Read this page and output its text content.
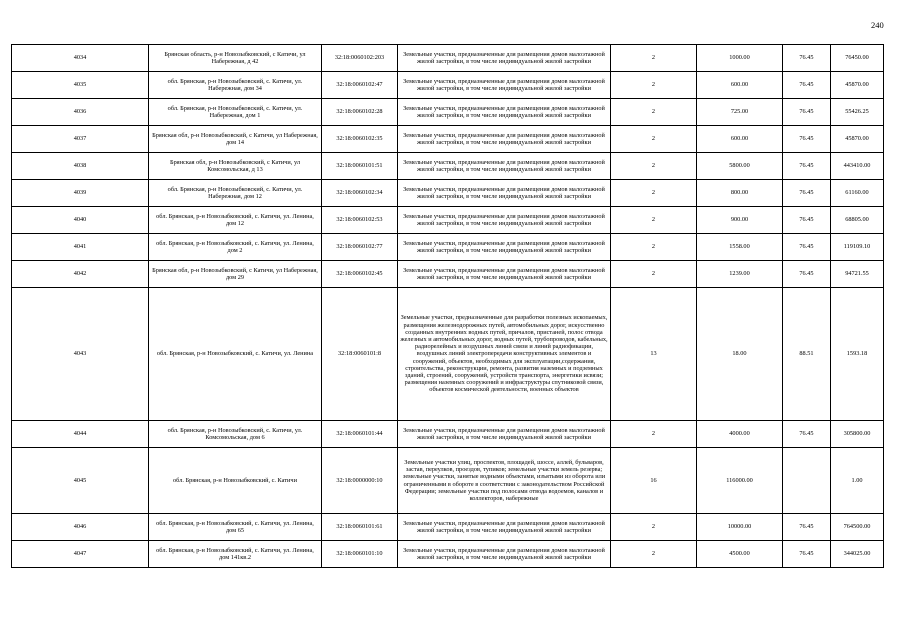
240
4034	Брянская область, р-н Новозыбковский, с Катичи, ул Набережная, д 42	32:18:0060102:203	Земельные участки, предназначенные для размещения домов малоэтажной жилой застройки, в том числе индивидуальной жилой застройки	2	1000.00	76.45	76450.00
4035	обл. Брянская, р-н Новозыбковский, с. Катичи, ул. Набережная, дом 34	32:18:0060102:47	Земельные участки, предназначенные для размещения домов малоэтажной жилой застройки, в том числе индивидуальной жилой застройки	2	600.00	76.45	45870.00
4036	обл. Брянская, р-н Новозыбковский, с. Катичи, ул. Набережная, дом 1	32:18:0060102:28	Земельные участки, предназначенные для размещения домов малоэтажной жилой застройки, в том числе индивидуальной жилой застройки	2	725.00	76.45	55426.25
4037	Брянская обл, р-н Новозыбковский, с Катичи, ул Набережная, дом 14	32:18:0060102:35	Земельные участки, предназначенные для размещения домов малоэтажной жилой застройки, в том числе индивидуальной жилой застройки	2	600.00	76.45	45870.00
4038	Брянская обл, р-н Новозыбковский, с Катичи, ул Комсомольская, д 13	32:18:0060101:51	Земельные участки, предназначенные для размещения домов малоэтажной жилой застройки, в том числе индивидуальной жилой застройки	2	5800.00	76.45	443410.00
4039	обл. Брянская, р-н Новозыбковский, с. Катичи, ул. Набережная, дом 12	32:18:0060102:34	Земельные участки, предназначенные для размещения домов малоэтажной жилой застройки, в том числе индивидуальной жилой застройки	2	800.00	76.45	61160.00
4040	обл. Брянская, р-н Новозыбковский, с. Катичи, ул. Ленина, дом 12	32:18:0060102:53	Земельные участки, предназначенные для размещения домов малоэтажной жилой застройки, в том числе индивидуальной жилой застройки	2	900.00	76.45	68805.00
4041	обл. Брянская, р-н Новозыбковский, с. Катичи, ул. Ленина, дом 2	32:18:0060102:77	Земельные участки, предназначенные для размещения домов малоэтажной жилой застройки, в том числе индивидуальной жилой застройки	2	1558.00	76.45	119109.10
4042	Брянская обл, р-н Новозыбковский, с Катичи, ул Набережная, дом 29	32:18:0060102:45	Земельные участки, предназначенные для размещения домов малоэтажной жилой застройки, в том числе индивидуальной жилой застройки	2	1239.00	76.45	94721.55
4043	обл. Брянская, р-н Новозыбковский, с. Катичи, ул. Ленина	32:18:0060101:8	Земельные участки, предназначенные для разработки полезных ископаемых, размещения железнодорожных путей, автомобильных дорог, искусственно созданных внутренних водных путей, причалов, пристаней, полос отвода железных и автомобильных дорог, водных путей, трубопроводов, кабельных, радиорелейных и воздушных линий связи и линий радиофикации, воздушных линий электропередачи конструктивных элементов и сооружений, объектов, необходимых для эксплуатации,содержания, строительства, реконструкции, ремонта, развития наземных и подземных зданий, строений, сооружений, устройств транспорта, энергетики исвязи; размещения наземных сооружений и инфраструктуры спутниковой связи, объектов космической деятельности, военных объектов	13	18.00	88.51	1593.18
4044	обл. Брянская, р-н Новозыбковский, с. Катичи, ул. Комсомольская, дом 6	32:18:0060101:44	Земельные участки, предназначенные для размещения домов малоэтажной жилой застройки, в том числе индивидуальной жилой застройки	2	4000.00	76.45	305800.00
4045	обл. Брянская, р-н Новозыбковский, с. Катичи	32:18:0000000:10	Земельные участки улиц, проспектов, площадей, шоссе, аллей, бульваров, застав, переулков, проездов, тупиков; земельные участки земель резерва; земельные участки, занятые водными объектами, изъятыми из оборота или ограниченными в обороте в соответствии с законодательством Российской Федерации; земельные участки под полосами отвода водоемов, каналов и коллекторов, набережные	16	116000.00		1.00
4046	обл. Брянская, р-н Новозыбковский, с. Катичи, ул. Ленина, дом 65	32:18:0060101:61	Земельные участки, предназначенные для размещения домов малоэтажной жилой застройки, в том числе индивидуальной жилой застройки	2	10000.00	76.45	764500.00
4047	обл. Брянская, р-н Новозыбковский, с. Катичи, ул. Ленина, дом 141кв.2	32:18:0060101:10	Земельные участки, предназначенные для размещения домов малоэтажной жилой застройки, в том числе индивидуальной жилой застройки	2	4500.00	76.45	344025.00
